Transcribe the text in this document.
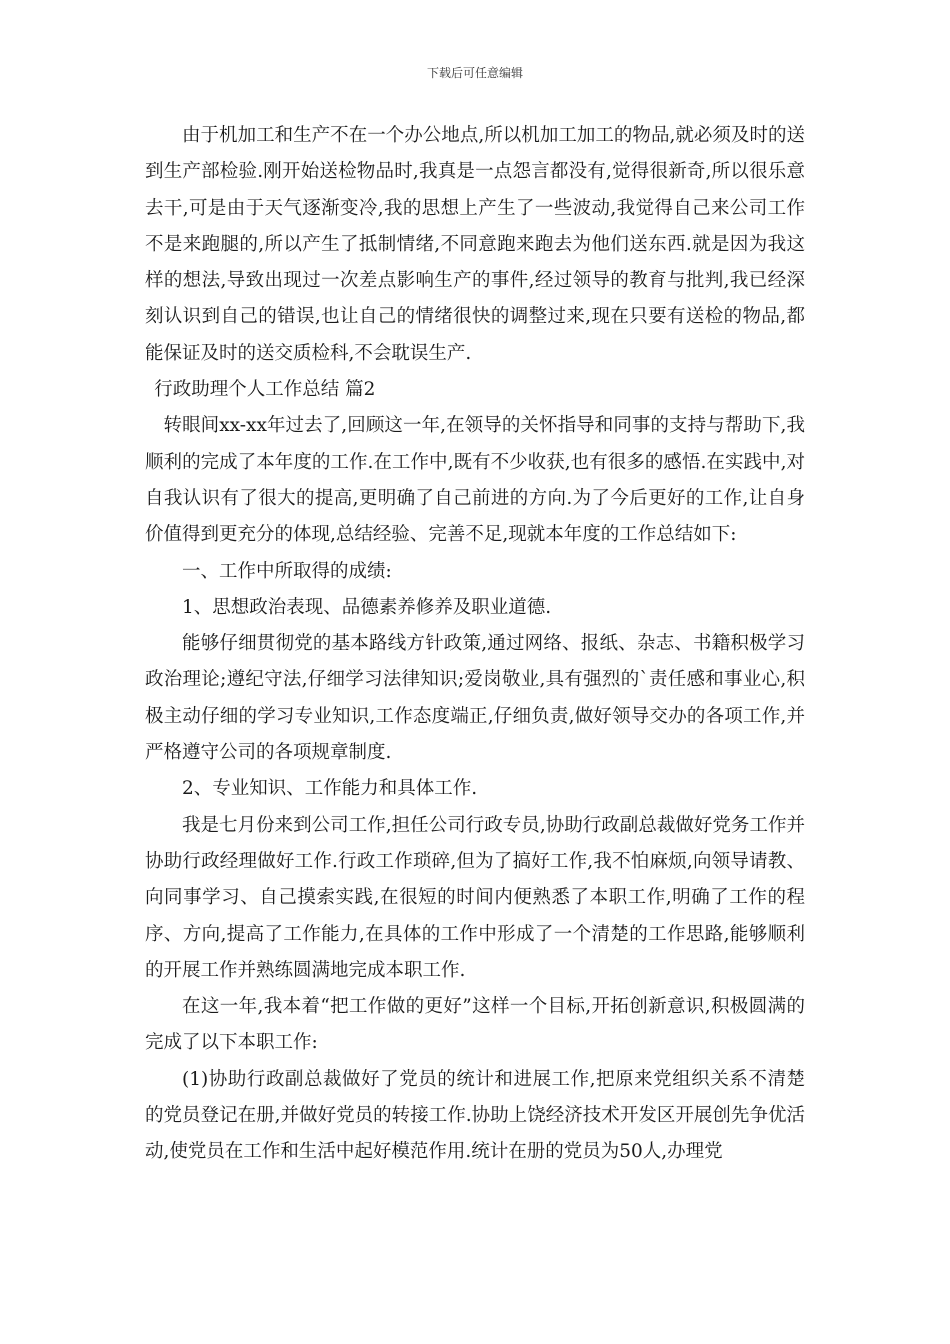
下载后可任意编辑

由于机加工和生产不在一个办公地点,所以机加工加工的物品,就必须及时的送到生产部检验.刚开始送检物品时,我真是一点怨言都没有,觉得很新奇,所以很乐意去干,可是由于天气逐渐变冷,我的思想上产生了一些波动,我觉得自己来公司工作不是来跑腿的,所以产生了抵制情绪,不同意跑来跑去为他们送东西.就是因为我这样的想法,导致出现过一次差点影响生产的事件,经过领导的教育与批判,我已经深刻认识到自己的错误,也让自己的情绪很快的调整过来,现在只要有送检的物品,都能保证及时的送交质检科,不会耽误生产.

行政助理个人工作总结 篇2

转眼间xx-xx年过去了,回顾这一年,在领导的关怀指导和同事的支持与帮助下,我顺利的完成了本年度的工作.在工作中,既有不少收获,也有很多的感悟.在实践中,对自我认识有了很大的提高,更明确了自己前进的方向.为了今后更好的工作,让自身价值得到更充分的体现,总结经验、完善不足,现就本年度的工作总结如下:

一、工作中所取得的成绩:

1、思想政治表现、品德素养修养及职业道德.

能够仔细贯彻党的基本路线方针政策,通过网络、报纸、杂志、书籍积极学习政治理论;遵纪守法,仔细学习法律知识;爱岗敬业,具有强烈的`责任感和事业心,积极主动仔细的学习专业知识,工作态度端正,仔细负责,做好领导交办的各项工作,并严格遵守公司的各项规章制度.

2、专业知识、工作能力和具体工作.

我是七月份来到公司工作,担任公司行政专员,协助行政副总裁做好党务工作并协助行政经理做好工作.行政工作琐碎,但为了搞好工作,我不怕麻烦,向领导请教、向同事学习、自己摸索实践,在很短的时间内便熟悉了本职工作,明确了工作的程序、方向,提高了工作能力,在具体的工作中形成了一个清楚的工作思路,能够顺利的开展工作并熟练圆满地完成本职工作.

在这一年,我本着“把工作做的更好”这样一个目标,开拓创新意识,积极圆满的完成了以下本职工作:

(1)协助行政副总裁做好了党员的统计和进展工作,把原来党组织关系不清楚的党员登记在册,并做好党员的转接工作.协助上饶经济技术开发区开展创先争优活动,使党员在工作和生活中起好模范作用.统计在册的党员为50人,办理党
